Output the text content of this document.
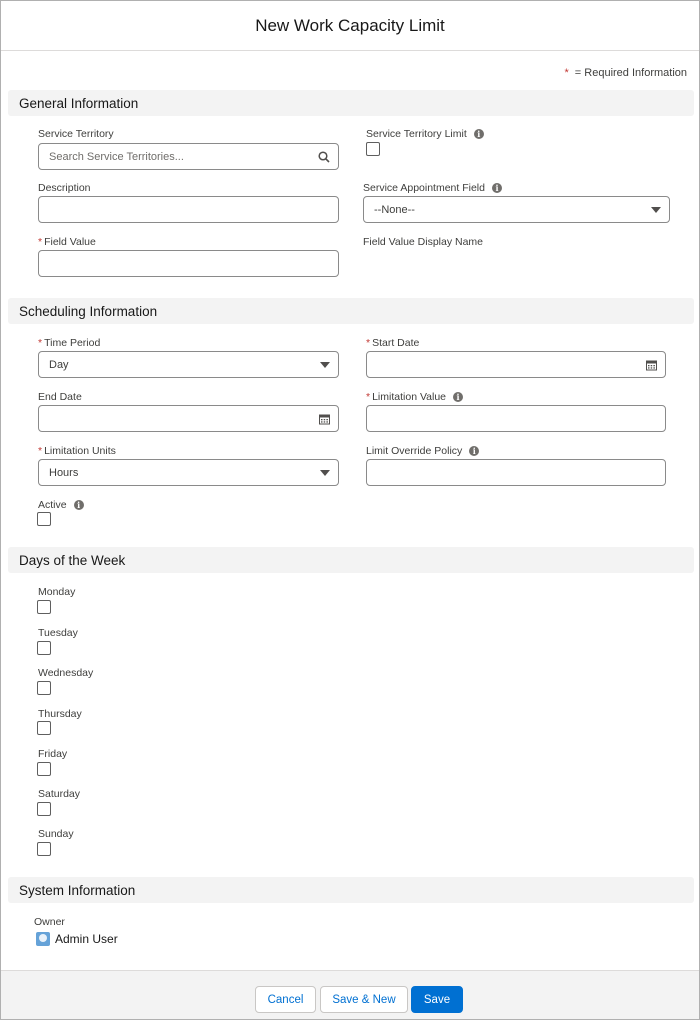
New Work Capacity Limit
* = Required Information
General Information
Service Territory
Search Service Territories...
Service Territory Limit	i
Description	Service Appointment Field	i
--None--
* Field Value	Field Value Display Name
Scheduling Information
* Time Period
Day
* Start Date
End Date	* Limitation Value	i
* Limitation Units
Hours
Limit Override Policy	i
Active	i
Days of the Week
Monday
Tuesday
Wednesday
Thursday
Friday
Saturday
Sunday
System Information
Owner
Admin User
Cancel	Save & New	Save
